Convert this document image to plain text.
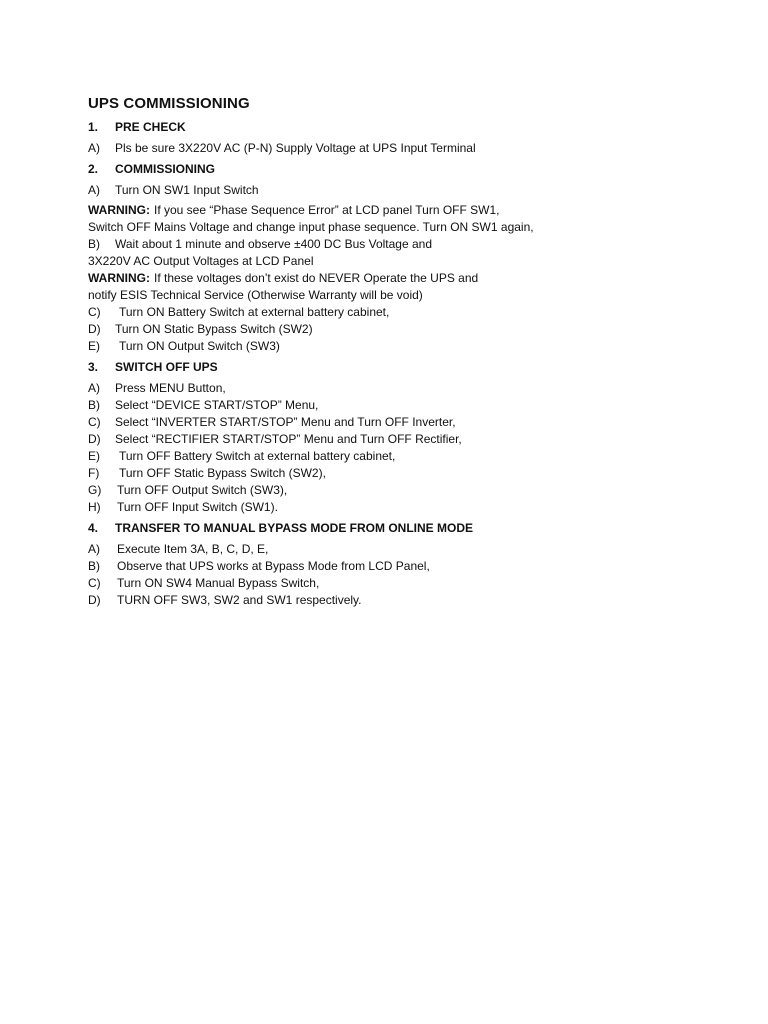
UPS COMMISSIONING
1.	PRE CHECK
A)	Pls be sure 3X220V AC (P-N) Supply Voltage at UPS Input Terminal
2.	COMMISSIONING
A)	Turn ON SW1 Input Switch
WARNING: If you see “Phase Sequence Error” at LCD panel Turn OFF SW1,
Switch OFF Mains Voltage and change input phase sequence. Turn ON SW1 again,
B)	Wait about 1 minute and observe ±400 DC Bus Voltage and
3X220V AC Output Voltages at LCD Panel
WARNING: If these voltages don’t exist do NEVER Operate the UPS and
notify ESIS Technical Service (Otherwise Warranty will be void)
C)	Turn ON Battery Switch at external battery cabinet,
D)	Turn ON Static Bypass Switch (SW2)
E)	Turn ON Output Switch (SW3)
3.	SWITCH OFF UPS
A)	Press MENU Button,
B)	Select “DEVICE START/STOP” Menu,
C)	Select “INVERTER START/STOP” Menu and Turn OFF Inverter,
D)	Select “RECTIFIER START/STOP” Menu and Turn OFF Rectifier,
E)	Turn OFF Battery Switch at external battery cabinet,
F)	Turn OFF Static Bypass Switch (SW2),
G)	Turn OFF Output Switch (SW3),
H)	Turn OFF Input Switch (SW1).
4.	TRANSFER TO MANUAL BYPASS MODE FROM ONLINE MODE
A)	Execute Item 3A, B, C, D, E,
B)	Observe that UPS works at Bypass Mode from LCD Panel,
C)	Turn ON SW4 Manual Bypass Switch,
D)	TURN OFF SW3, SW2 and SW1 respectively.
